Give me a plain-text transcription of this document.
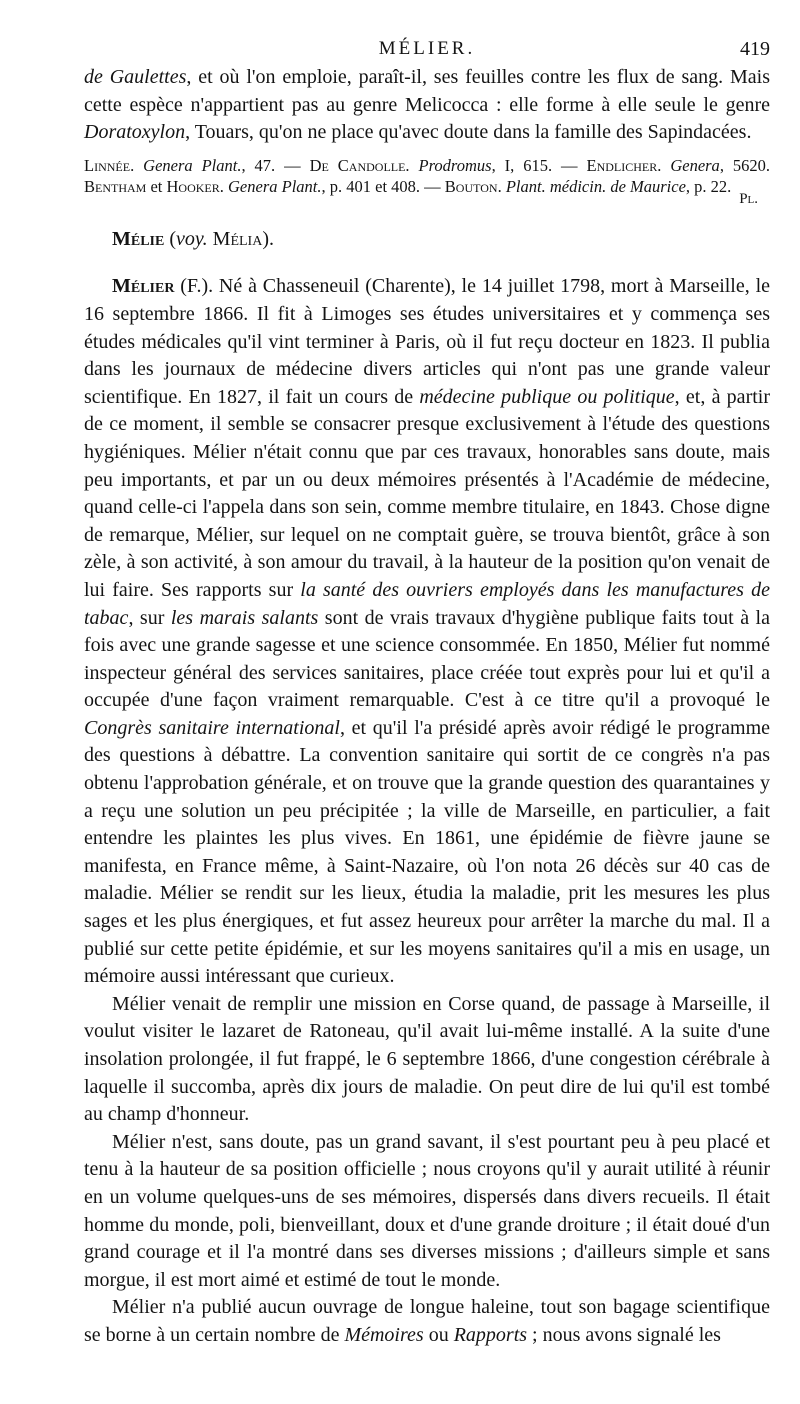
MÉLIER.	419

de Gaulettes, et où l'on emploie, paraît-il, ses feuilles contre les flux de sang. Mais cette espèce n'appartient pas au genre Melicocca : elle forme à elle seule le genre Doratoxylon, Touars, qu'on ne place qu'avec doute dans la famille des Sapindacées.

Linnée. Genera Plant., 47. — De Candolle. Prodromus, I, 615. — Endlicher. Genera, 5620. Bentham et Hooker. Genera Plant., p. 401 et 408. — Bouton. Plant. médicin. de Maurice, p. 22.

Pl.

Mélie (voy. Mélia).

Mélier (F.). Né à Chasseneuil (Charente), le 14 juillet 1798, mort à Marseille, le 16 septembre 1866. Il fit à Limoges ses études universitaires et y commença ses études médicales qu'il vint terminer à Paris, où il fut reçu docteur en 1823. Il publia dans les journaux de médecine divers articles qui n'ont pas une grande valeur scientifique. En 1827, il fait un cours de médecine publique ou politique, et, à partir de ce moment, il semble se consacrer presque exclusivement à l'étude des questions hygiéniques. Mélier n'était connu que par ces travaux, honorables sans doute, mais peu importants, et par un ou deux mémoires présentés à l'Académie de médecine, quand celle-ci l'appela dans son sein, comme membre titulaire, en 1843. Chose digne de remarque, Mélier, sur lequel on ne comptait guère, se trouva bientôt, grâce à son zèle, à son activité, à son amour du travail, à la hauteur de la position qu'on venait de lui faire. Ses rapports sur la santé des ouvriers employés dans les manufactures de tabac, sur les marais salants sont de vrais travaux d'hygiène publique faits tout à la fois avec une grande sagesse et une science consommée. En 1850, Mélier fut nommé inspecteur général des services sanitaires, place créée tout exprès pour lui et qu'il a occupée d'une façon vraiment remarquable. C'est à ce titre qu'il a provoqué le Congrès sanitaire international, et qu'il l'a présidé après avoir rédigé le programme des questions à débattre. La convention sanitaire qui sortit de ce congrès n'a pas obtenu l'approbation générale, et on trouve que la grande question des quarantaines y a reçu une solution un peu précipitée ; la ville de Marseille, en particulier, a fait entendre les plaintes les plus vives. En 1861, une épidémie de fièvre jaune se manifesta, en France même, à Saint-Nazaire, où l'on nota 26 décès sur 40 cas de maladie. Mélier se rendit sur les lieux, étudia la maladie, prit les mesures les plus sages et les plus énergiques, et fut assez heureux pour arrêter la marche du mal. Il a publié sur cette petite épidémie, et sur les moyens sanitaires qu'il a mis en usage, un mémoire aussi intéressant que curieux.

Mélier venait de remplir une mission en Corse quand, de passage à Marseille, il voulut visiter le lazaret de Ratoneau, qu'il avait lui-même installé. A la suite d'une insolation prolongée, il fut frappé, le 6 septembre 1866, d'une congestion cérébrale à laquelle il succomba, après dix jours de maladie. On peut dire de lui qu'il est tombé au champ d'honneur.

Mélier n'est, sans doute, pas un grand savant, il s'est pourtant peu à peu placé et tenu à la hauteur de sa position officielle ; nous croyons qu'il y aurait utilité à réunir en un volume quelques-uns de ses mémoires, dispersés dans divers recueils. Il était homme du monde, poli, bienveillant, doux et d'une grande droiture ; il était doué d'un grand courage et il l'a montré dans ses diverses missions ; d'ailleurs simple et sans morgue, il est mort aimé et estimé de tout le monde.

Mélier n'a publié aucun ouvrage de longue haleine, tout son bagage scientifique se borne à un certain nombre de Mémoires ou Rapports ; nous avons signalé les
